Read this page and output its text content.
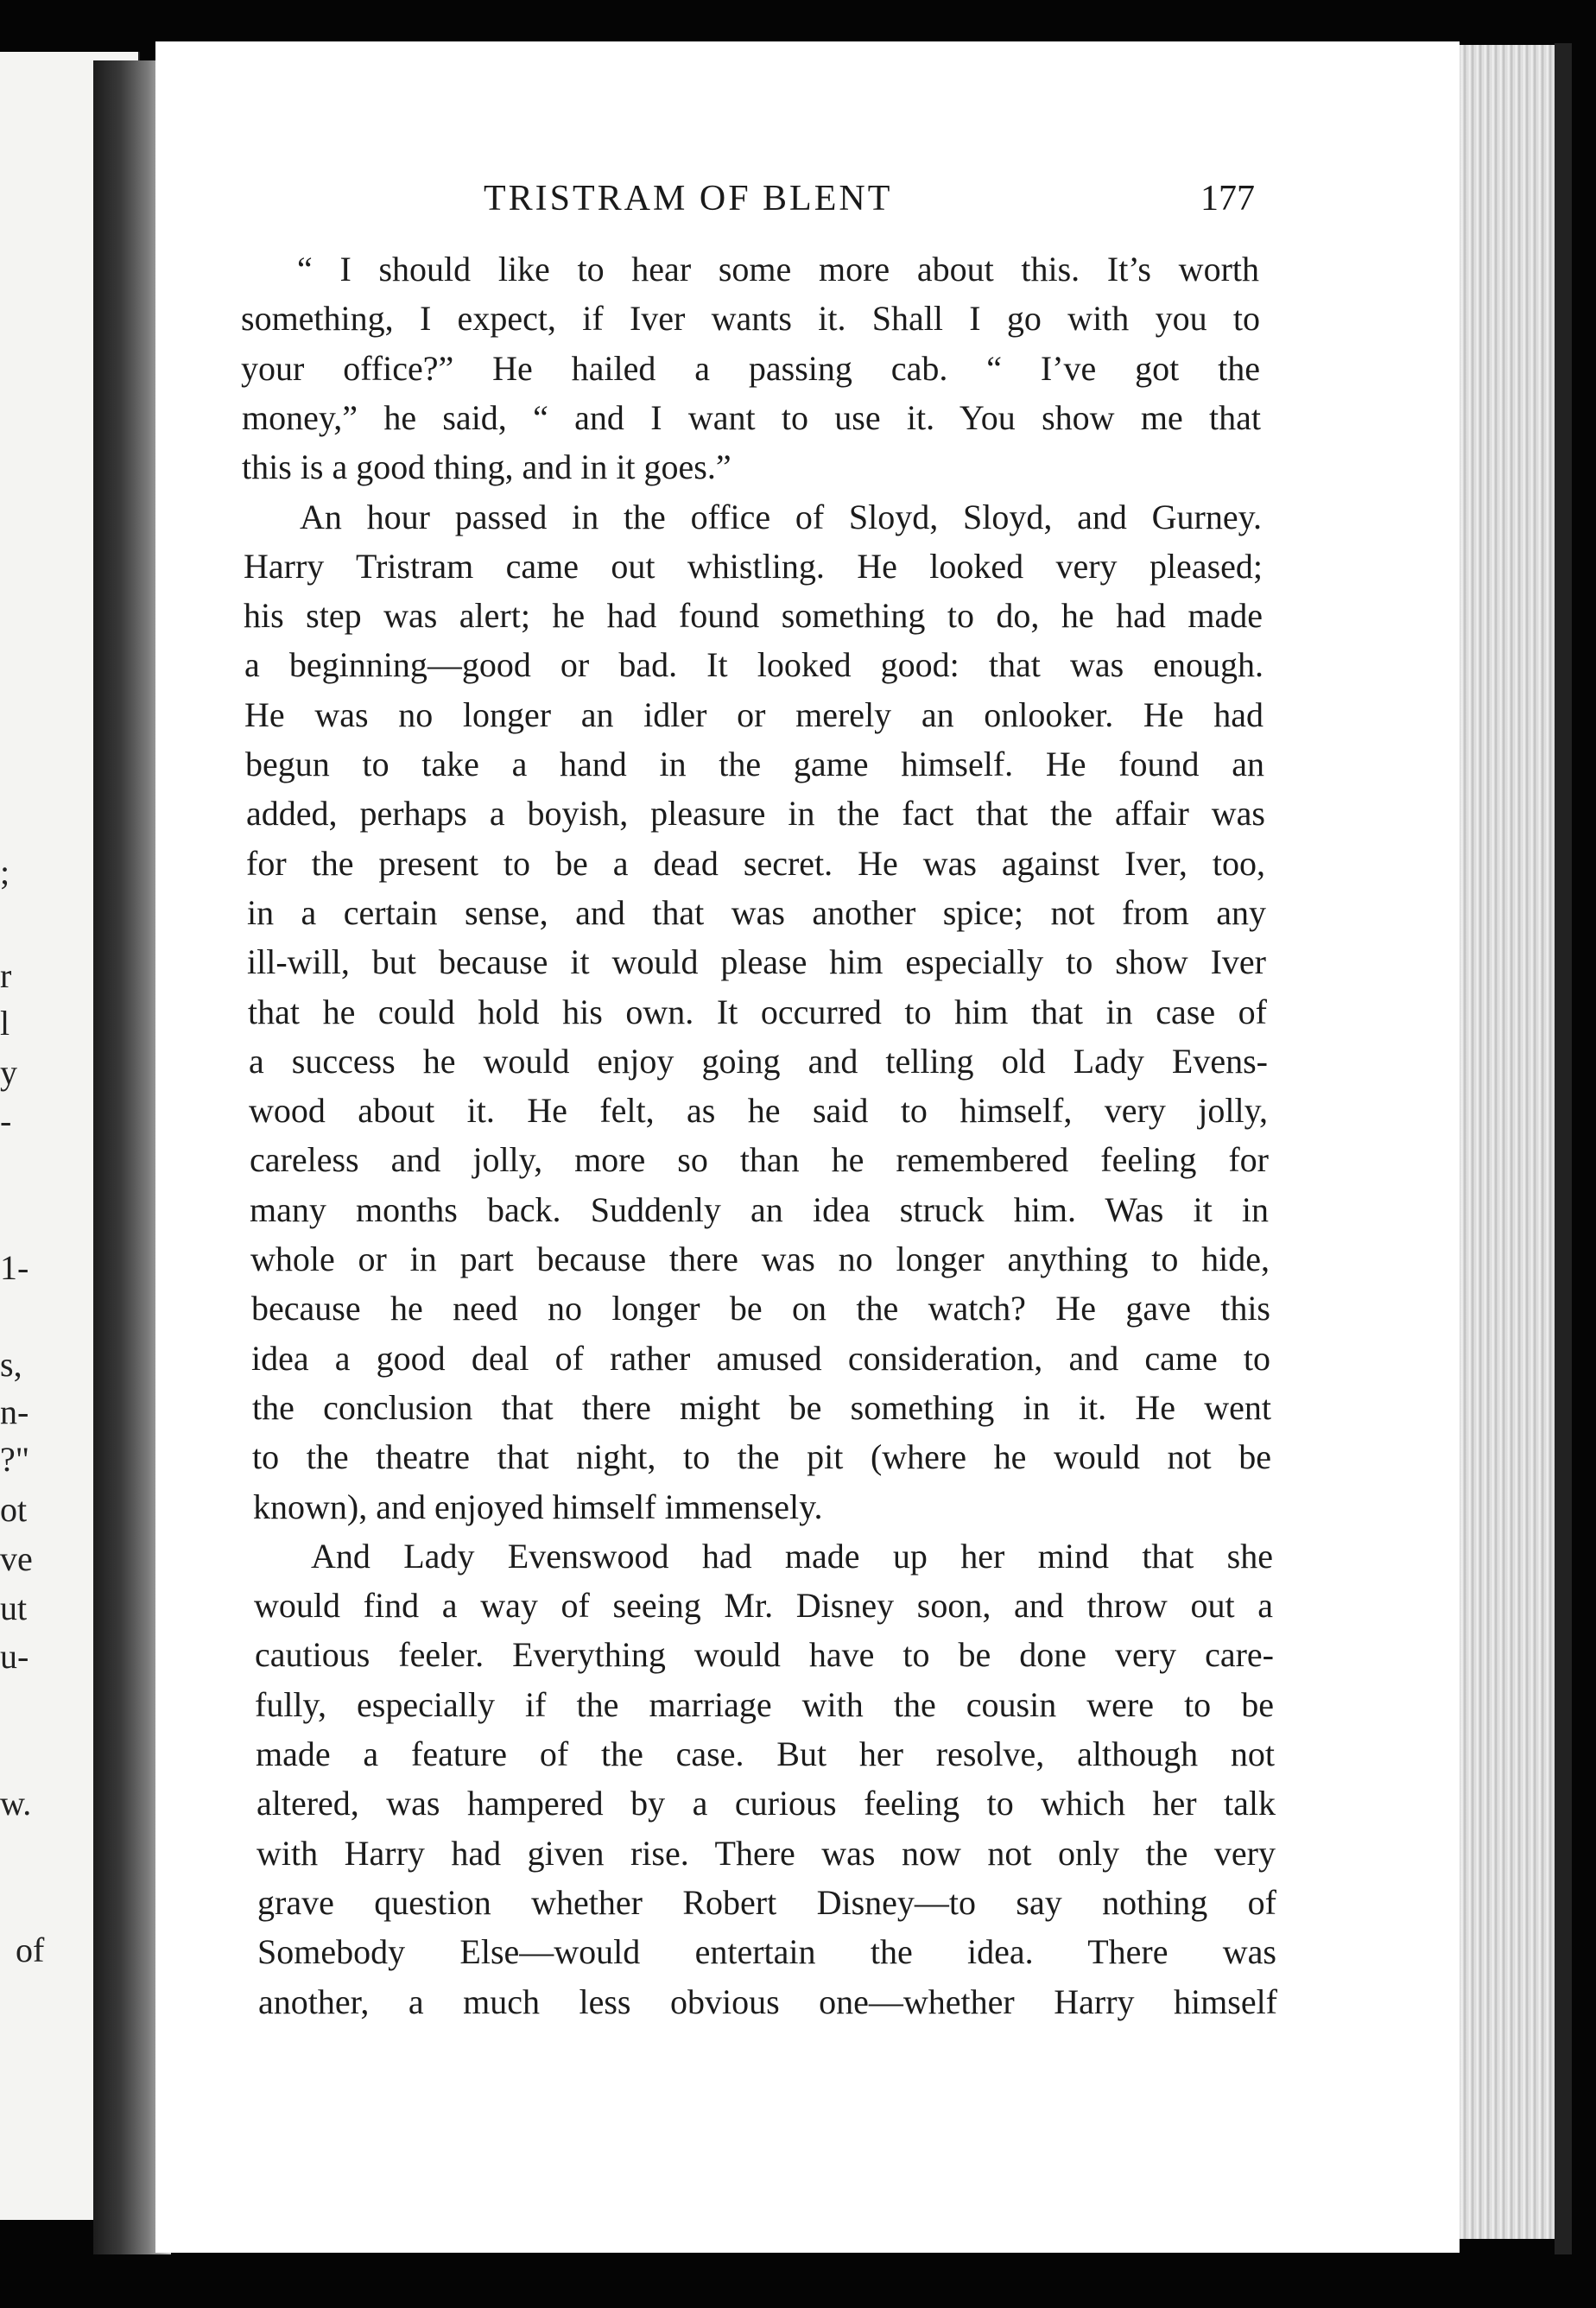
;
r
l
y
-
1-
s,
n-
?"
ot
ve
ut
u-
w.
of
TRISTRAM OF BLENT	177
“ I should like to hear some more about this. It’s worth
something, I expect, if Iver wants it. Shall I go with you to
your office?” He hailed a passing cab. “ I’ve got the
money,” he said, “ and I want to use it. You show me that
this is a good thing, and in it goes.”
An hour passed in the office of Sloyd, Sloyd, and Gurney.
Harry Tristram came out whistling. He looked very pleased;
his step was alert; he had found something to do, he had made
a beginning—good or bad. It looked good: that was enough.
He was no longer an idler or merely an onlooker. He had
begun to take a hand in the game himself. He found an
added, perhaps a boyish, pleasure in the fact that the affair was
for the present to be a dead secret. He was against Iver, too,
in a certain sense, and that was another spice; not from any
ill-will, but because it would please him especially to show Iver
that he could hold his own. It occurred to him that in case of
a success he would enjoy going and telling old Lady Evens-
wood about it. He felt, as he said to himself, very jolly,
careless and jolly, more so than he remembered feeling for
many months back. Suddenly an idea struck him. Was it in
whole or in part because there was no longer anything to hide,
because he need no longer be on the watch? He gave this
idea a good deal of rather amused consideration, and came to
the conclusion that there might be something in it. He went
to the theatre that night, to the pit (where he would not be
known), and enjoyed himself immensely.
And Lady Evenswood had made up her mind that she
would find a way of seeing Mr. Disney soon, and throw out a
cautious feeler. Everything would have to be done very care-
fully, especially if the marriage with the cousin were to be
made a feature of the case. But her resolve, although not
altered, was hampered by a curious feeling to which her talk
with Harry had given rise. There was now not only the very
grave question whether Robert Disney—to say nothing of
Somebody Else—would entertain the idea. There was
another, a much less obvious one—whether Harry himself
